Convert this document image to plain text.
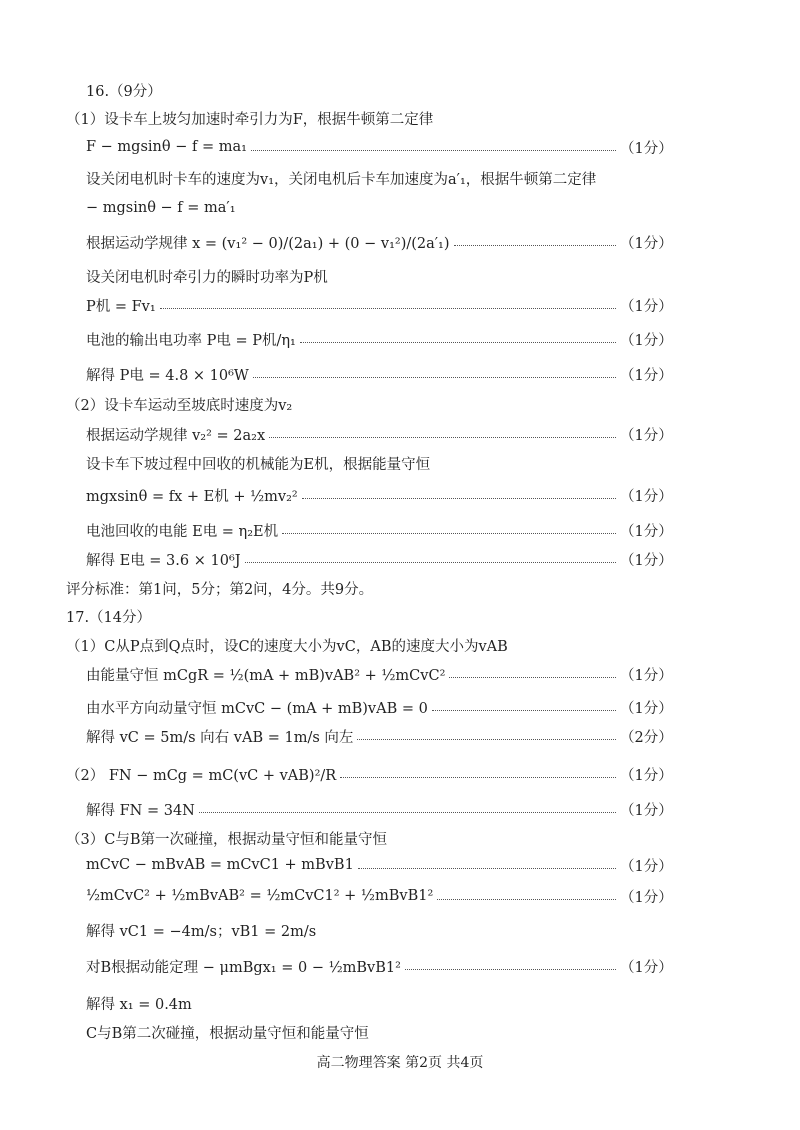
16.（9分）
（1）设卡车上坡匀加速时牵引力为F，根据牛顿第二定律
F − mgsinθ − f = ma₁	（1分）
设关闭电机时卡车的速度为v₁，关闭电机后卡车加速度为a′₁，根据牛顿第二定律
− mgsinθ − f = ma′₁
根据运动学规律 x = (v₁² − 0)/(2a₁) + (0 − v₁²)/(2a′₁)	（1分）
设关闭电机时牵引力的瞬时功率为P机
P机 = Fv₁	（1分）
电池的输出电功率 P电 = P机/η₁	（1分）
解得 P电 = 4.8 × 10⁶W	（1分）
（2）设卡车运动至坡底时速度为v₂
根据运动学规律 v₂² = 2a₂x	（1分）
设卡车下坡过程中回收的机械能为E机，根据能量守恒
mgxsinθ = fx + E机 + ½mv₂²	（1分）
电池回收的电能 E电 = η₂E机	（1分）
解得 E电 = 3.6 × 10⁶J	（1分）
评分标准：第1问，5分；第2问，4分。共9分。
17.（14分）
（1）C从P点到Q点时，设C的速度大小为vC，AB的速度大小为vAB
由能量守恒 mCgR = ½(mA + mB)vAB² + ½mCvC²	（1分）
由水平方向动量守恒 mCvC − (mA + mB)vAB = 0	（1分）
解得 vC = 5m/s 向右 vAB = 1m/s 向左	（2分）
（2） FN − mCg = mC(vC + vAB)²/R	（1分）
解得 FN = 34N	（1分）
（3）C与B第一次碰撞，根据动量守恒和能量守恒
mCvC − mBvAB = mCvC1 + mBvB1	（1分）
½mCvC² + ½mBvAB² = ½mCvC1² + ½mBvB1²	（1分）
解得 vC1 = −4m/s；vB1 = 2m/s
对B根据动能定理 − μmBgx₁ = 0 − ½mBvB1²	（1分）
解得 x₁ = 0.4m
C与B第二次碰撞，根据动量守恒和能量守恒
高二物理答案 第2页 共4页
